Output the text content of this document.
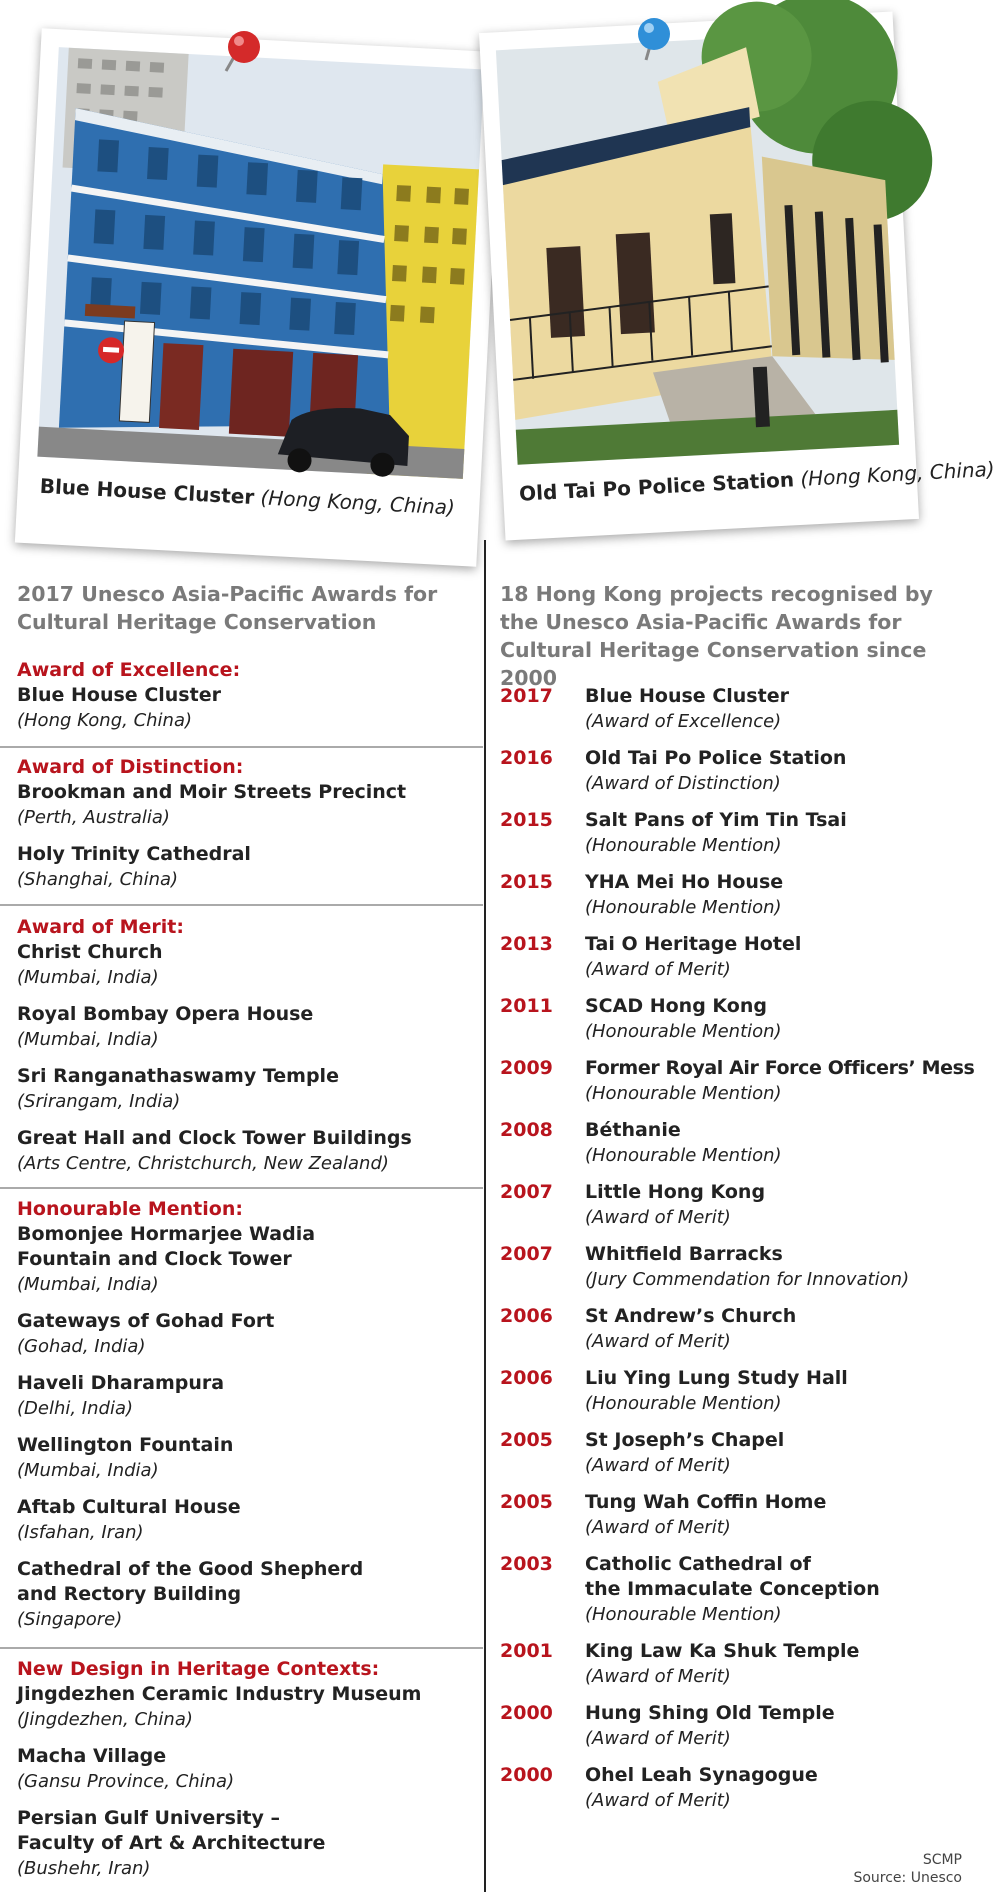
Blue House Cluster (Hong Kong, China)	Old Tai Po Police Station (Hong Kong, China)
2017 Unesco Asia-Pacific Awards for Cultural Heritage Conservation
Award of Excellence:
Blue House Cluster
(Hong Kong, China)
Award of Distinction:
Brookman and Moir Streets Precinct
(Perth, Australia)
Holy Trinity Cathedral
(Shanghai, China)
Award of Merit:
Christ Church
(Mumbai, India)
Royal Bombay Opera House
(Mumbai, India)
Sri Ranganathaswamy Temple
(Srirangam, India)
Great Hall and Clock Tower Buildings
(Arts Centre, Christchurch, New Zealand)
Honourable Mention:
Bomonjee Hormarjee Wadia
Fountain and Clock Tower
(Mumbai, India)
Gateways of Gohad Fort
(Gohad, India)
Haveli Dharampura
(Delhi, India)
Wellington Fountain
(Mumbai, India)
Aftab Cultural House
(Isfahan, Iran)
Cathedral of the Good Shepherd
and Rectory Building
(Singapore)
New Design in Heritage Contexts:
Jingdezhen Ceramic Industry Museum
(Jingdezhen, China)
Macha Village
(Gansu Province, China)
Persian Gulf University –
Faculty of Art & Architecture
(Bushehr, Iran)
18 Hong Kong projects recognised by the Unesco Asia-Pacific Awards for Cultural Heritage Conservation since 2000
2017 Blue House Cluster
(Award of Excellence)
2016 Old Tai Po Police Station
(Award of Distinction)
2015 Salt Pans of Yim Tin Tsai
(Honourable Mention)
2015 YHA Mei Ho House
(Honourable Mention)
2013 Tai O Heritage Hotel
(Award of Merit)
2011 SCAD Hong Kong
(Honourable Mention)
2009 Former Royal Air Force Officers’ Mess
(Honourable Mention)
2008 Béthanie
(Honourable Mention)
2007 Little Hong Kong
(Award of Merit)
2007 Whitfield Barracks
(Jury Commendation for Innovation)
2006 St Andrew’s Church
(Award of Merit)
2006 Liu Ying Lung Study Hall
(Honourable Mention)
2005 St Joseph’s Chapel
(Award of Merit)
2005 Tung Wah Coffin Home
(Award of Merit)
2003 Catholic Cathedral of
the Immaculate Conception
(Honourable Mention)
2001 King Law Ka Shuk Temple
(Award of Merit)
2000 Hung Shing Old Temple
(Award of Merit)
2000 Ohel Leah Synagogue
(Award of Merit)
SCMP
Source: Unesco
